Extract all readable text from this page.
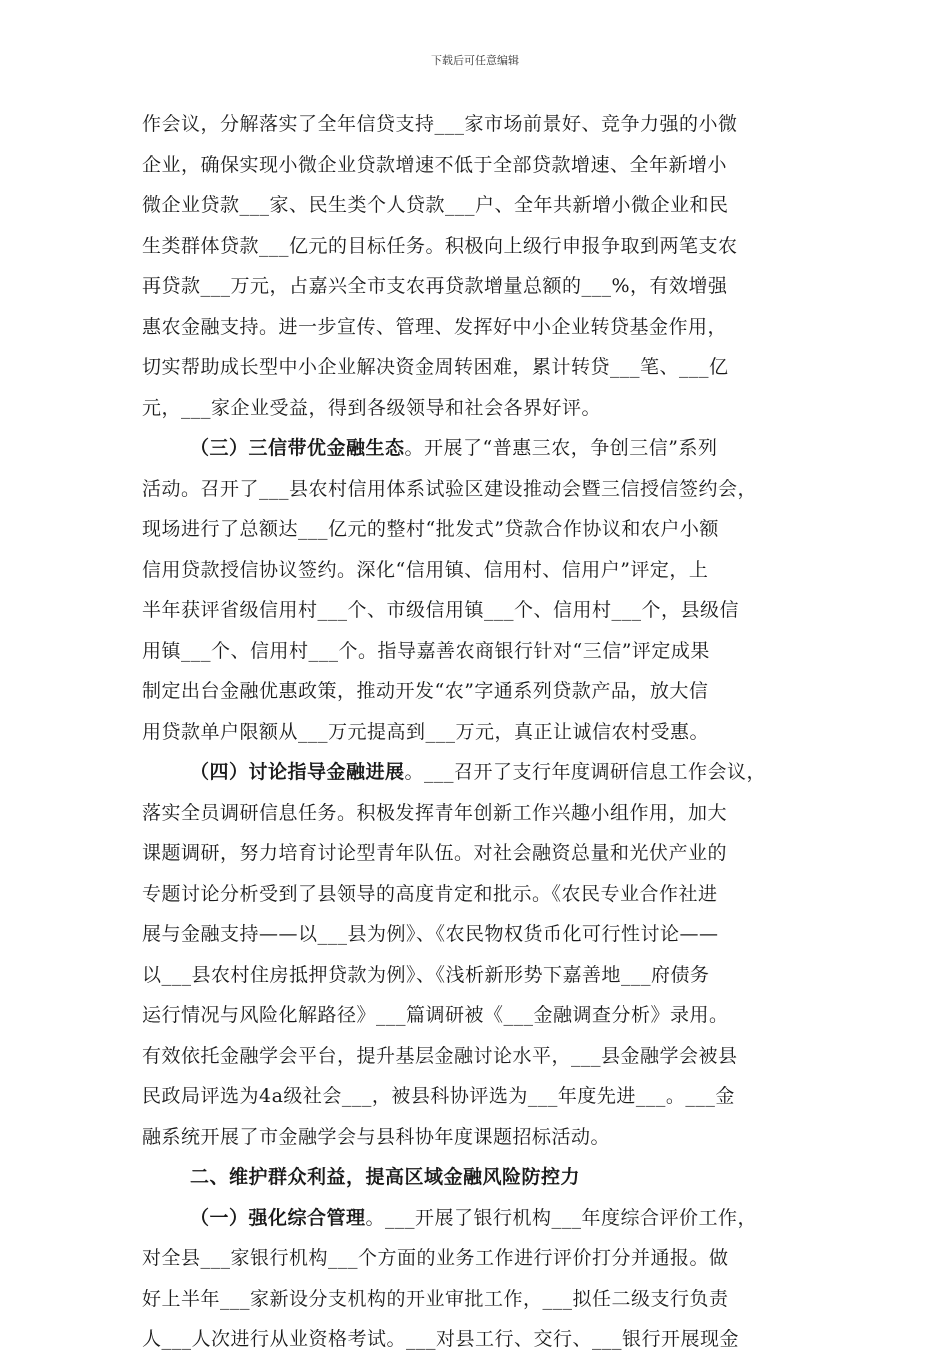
下载后可任意编辑
作会议，分解落实了全年信贷支持___家市场前景好、竞争力强的小微
企业，确保实现小微企业贷款增速不低于全部贷款增速、全年新增小
微企业贷款___家、民生类个人贷款___户、全年共新增小微企业和民
生类群体贷款___亿元的目标任务。积极向上级行申报争取到两笔支农
再贷款___万元，占嘉兴全市支农再贷款增量总额的___%，有效增强
惠农金融支持。进一步宣传、管理、发挥好中小企业转贷基金作用，
切实帮助成长型中小企业解决资金周转困难，累计转贷___笔、___亿
元，___家企业受益，得到各级领导和社会各界好评。
（三）三信带优金融生态。开展了“普惠三农，争创三信”系列
活动。召开了___县农村信用体系试验区建设推动会暨三信授信签约会，
现场进行了总额达___亿元的整村“批发式”贷款合作协议和农户小额
信用贷款授信协议签约。深化“信用镇、信用村、信用户”评定，上
半年获评省级信用村___个、市级信用镇___个、信用村___个，县级信
用镇___个、信用村___个。指导嘉善农商银行针对“三信”评定成果
制定出台金融优惠政策，推动开发“农”字通系列贷款产品，放大信
用贷款单户限额从___万元提高到___万元，真正让诚信农村受惠。
（四）讨论指导金融进展。___召开了支行年度调研信息工作会议，
落实全员调研信息任务。积极发挥青年创新工作兴趣小组作用，加大
课题调研，努力培育讨论型青年队伍。对社会融资总量和光伏产业的
专题讨论分析受到了县领导的高度肯定和批示。《农民专业合作社进
展与金融支持——以___县为例》、《农民物权货币化可行性讨论——
以___县农村住房抵押贷款为例》、《浅析新形势下嘉善地___府债务
运行情况与风险化解路径》___篇调研被《___金融调查分析》录用。
有效依托金融学会平台，提升基层金融讨论水平，___县金融学会被县
民政局评选为4a级社会___，被县科协评选为___年度先进___。___金
融系统开展了市金融学会与县科协年度课题招标活动。
二、维护群众利益，提高区域金融风险防控力
（一）强化综合管理。___开展了银行机构___年度综合评价工作，
对全县___家银行机构___个方面的业务工作进行评价打分并通报。做
好上半年___家新设分支机构的开业审批工作，___拟任二级支行负责
人___人次进行从业资格考试。___对县工行、交行、___银行开展现金
